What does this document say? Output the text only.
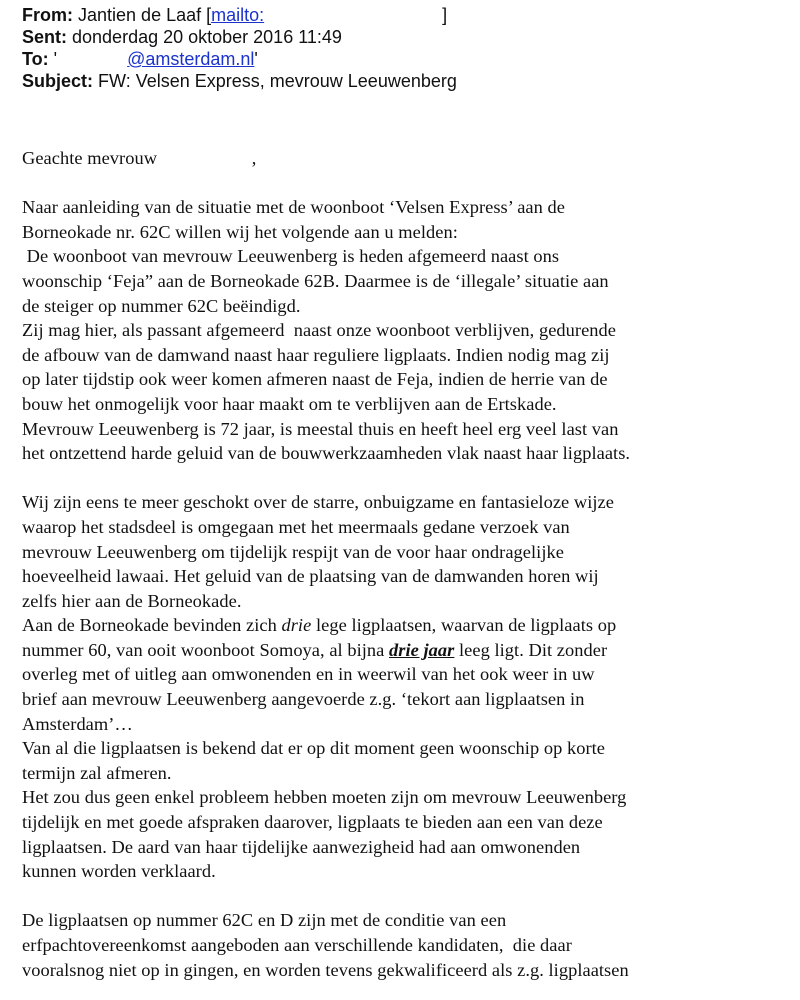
From: Jantien de Laaf [mailto:	]
Sent: donderdag 20 oktober 2016 11:49
To: '	@amsterdam.nl'
Subject: FW: Velsen Express, mevrouw Leeuwenberg

Geachte mevrouw	,

Naar aanleiding van de situatie met de woonboot ‘Velsen Express’ aan de

Borneokade nr. 62C willen wij het volgende aan u melden:

De woonboot van mevrouw Leeuwenberg is heden afgemeerd naast ons

woonschip ‘Feja” aan de Borneokade 62B. Daarmee is de ‘illegale’ situatie aan

de steiger op nummer 62C beëindigd.

Zij mag hier, als passant afgemeerd  naast onze woonboot verblijven, gedurende

de afbouw van de damwand naast haar reguliere ligplaats. Indien nodig mag zij

op later tijdstip ook weer komen afmeren naast de Feja, indien de herrie van de

bouw het onmogelijk voor haar maakt om te verblijven aan de Ertskade.

Mevrouw Leeuwenberg is 72 jaar, is meestal thuis en heeft heel erg veel last van

het ontzettend harde geluid van de bouwwerkzaamheden vlak naast haar ligplaats.

Wij zijn eens te meer geschokt over de starre, onbuigzame en fantasieloze wijze

waarop het stadsdeel is omgegaan met het meermaals gedane verzoek van

mevrouw Leeuwenberg om tijdelijk respijt van de voor haar ondragelijke

hoeveelheid lawaai. Het geluid van de plaatsing van de damwanden horen wij

zelfs hier aan de Borneokade.

Aan de Borneokade bevinden zich drie lege ligplaatsen, waarvan de ligplaats op

nummer 60, van ooit woonboot Somoya, al bijna drie jaar leeg ligt. Dit zonder

overleg met of uitleg aan omwonenden en in weerwil van het ook weer in uw

brief aan mevrouw Leeuwenberg aangevoerde z.g. ‘tekort aan ligplaatsen in

Amsterdam’…

Van al die ligplaatsen is bekend dat er op dit moment geen woonschip op korte

termijn zal afmeren.

Het zou dus geen enkel probleem hebben moeten zijn om mevrouw Leeuwenberg

tijdelijk en met goede afspraken daarover, ligplaats te bieden aan een van deze

ligplaatsen. De aard van haar tijdelijke aanwezigheid had aan omwonenden

kunnen worden verklaard.

De ligplaatsen op nummer 62C en D zijn met de conditie van een

erfpachtovereenkomst aangeboden aan verschillende kandidaten,  die daar

vooralsnog niet op in gingen, en worden tevens gekwalificeerd als z.g. ligplaatsen
